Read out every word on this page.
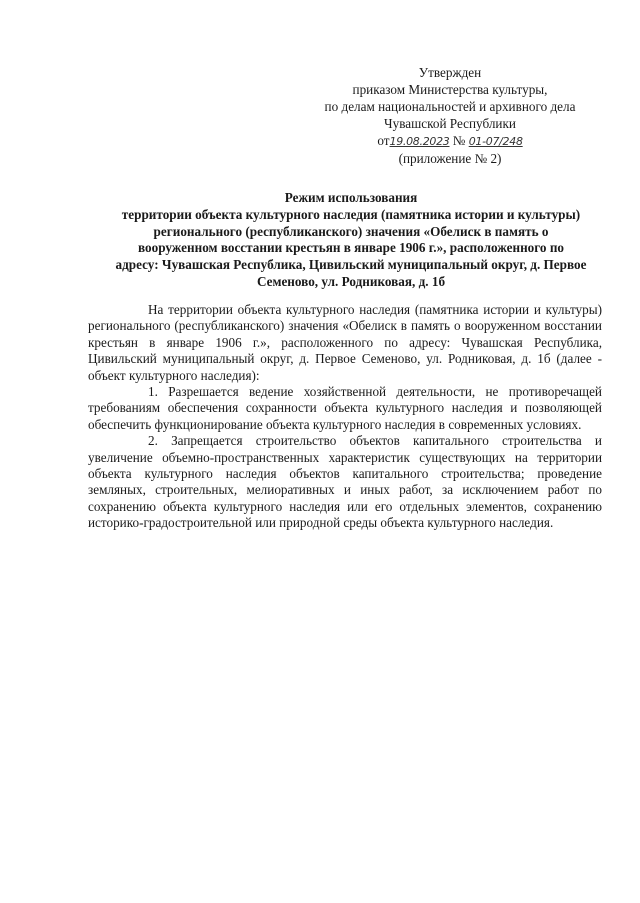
Утвержден
приказом Министерства культуры,
по делам национальностей и архивного дела
Чувашской Республики
от19.08.2023 № 01-07/248
(приложение № 2)
Режим использования
территории объекта культурного наследия (памятника истории и культуры)
регионального (республиканского) значения «Обелиск в память о
вооруженном восстании крестьян в январе 1906 г.», расположенного по
адресу: Чувашская Республика, Цивильский муниципальный округ, д. Первое
Семеново, ул. Родниковая, д. 1б

На территории объекта культурного наследия (памятника истории и культуры) регионального (республиканского) значения «Обелиск в память о вооруженном восстании крестьян в январе 1906 г.», расположенного по адресу: Чувашская Республика, Цивильский муниципальный округ, д. Первое Семеново, ул. Родниковая, д. 1б (далее - объект культурного наследия):

1. Разрешается ведение хозяйственной деятельности, не противоречащей требованиям обеспечения сохранности объекта культурного наследия и позволяющей обеспечить функционирование объекта культурного наследия в современных условиях.

2. Запрещается строительство объектов капитального строительства и увеличение объемно-пространственных характеристик существующих на территории объекта культурного наследия объектов капитального строительства; проведение земляных, строительных, мелиоративных и иных работ, за исключением работ по сохранению объекта культурного наследия или его отдельных элементов, сохранению историко-градостроительной или природной среды объекта культурного наследия.
